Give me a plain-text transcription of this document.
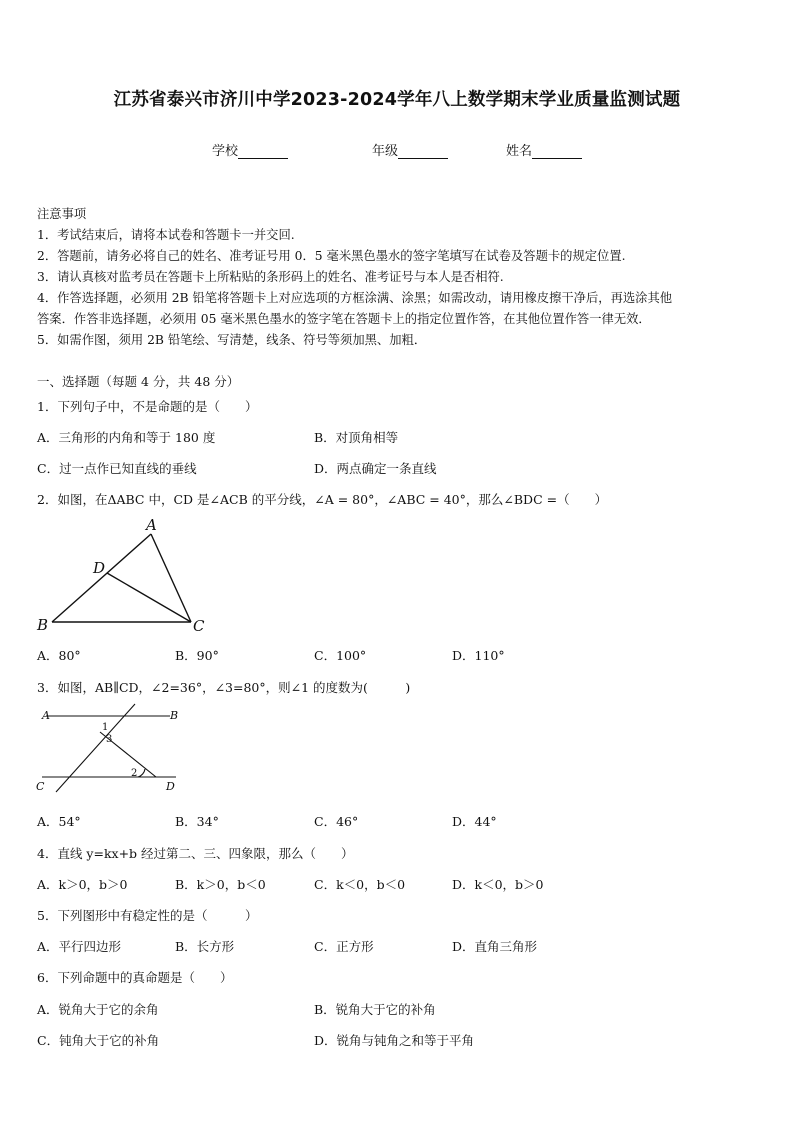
江苏省泰兴市济川中学2023-2024学年八上数学期末学业质量监测试题
学校	年级	姓名
注意事项
1．考试结束后，请将本试卷和答题卡一并交回.
2．答题前，请务必将自己的姓名、准考证号用 0．5 毫米黑色墨水的签字笔填写在试卷及答题卡的规定位置.
3．请认真核对监考员在答题卡上所粘贴的条形码上的姓名、准考证号与本人是否相符.
4．作答选择题，必须用 2B 铅笔将答题卡上对应选项的方框涂满、涂黑；如需改动，请用橡皮擦干净后，再选涂其他
答案．作答非选择题，必须用 05 毫米黑色墨水的签字笔在答题卡上的指定位置作答，在其他位置作答一律无效．
5．如需作图，须用 2B 铅笔绘、写清楚，线条、符号等须加黑、加粗．
一、选择题（每题 4 分，共 48 分）
1．下列句子中，不是命题的是（　　）
A．三角形的内角和等于 180 度	B．对顶角相等
C．过一点作已知直线的垂线	D．两点确定一条直线
2．如图，在ΔABC 中，CD 是∠ACB 的平分线，∠A = 80°，∠ABC = 40°，那么∠BDC =（　　）
A
D
B	C
A．80°	B．90°	C．100°	D．110°
3．如图，AB∥CD，∠2=36°，∠3=80°，则∠1 的度数为(　　　)
A	B
C	D
1
3
2
A．54°	B．34°	C．46°	D．44°
4．直线 y=kx+b 经过第二、三、四象限，那么（　　）
A．k＞0，b＞0	B．k＞0，b＜0	C．k＜0，b＜0	D．k＜0，b＞0
5．下列图形中有稳定性的是（　　　）
A．平行四边形	B．长方形	C．正方形	D．直角三角形
6．下列命题中的真命题是（　　）
A．锐角大于它的余角	B．锐角大于它的补角
C．钝角大于它的补角	D．锐角与钝角之和等于平角
